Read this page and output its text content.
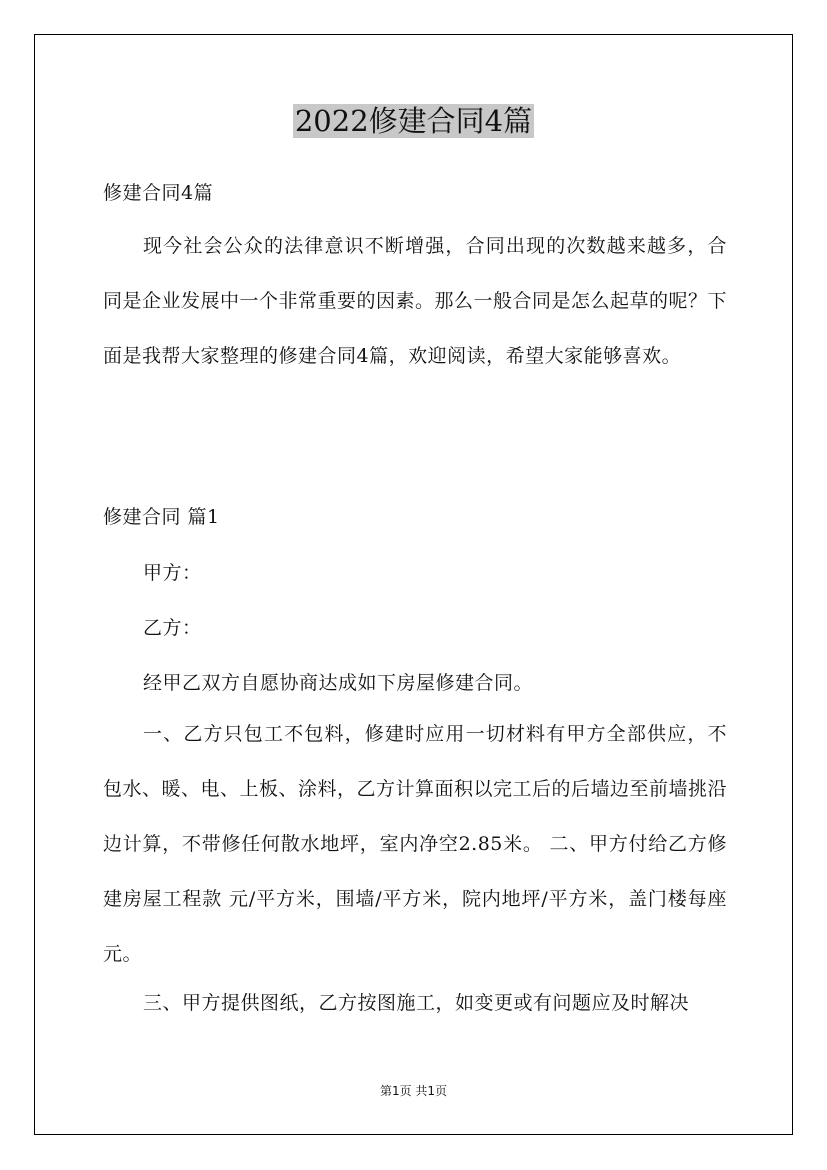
2022修建合同4篇

修建合同4篇

现今社会公众的法律意识不断增强，合同出现的次数越来越多，合同是企业发展中一个非常重要的因素。那么一般合同是怎么起草的呢？下面是我帮大家整理的修建合同4篇，欢迎阅读，希望大家能够喜欢。

修建合同 篇1

甲方：

乙方：

经甲乙双方自愿协商达成如下房屋修建合同。

一、乙方只包工不包料，修建时应用一切材料有甲方全部供应，不包水、暖、电、上板、涂料，乙方计算面积以完工后的后墙边至前墙挑沿边计算，不带修任何散水地坪，室内净空2.85米。 二、甲方付给乙方修建房屋工程款 元/平方米，围墙/平方米，院内地坪/平方米，盖门楼每座 元。

三、甲方提供图纸，乙方按图施工，如变更或有问题应及时解决

第1页 共1页
